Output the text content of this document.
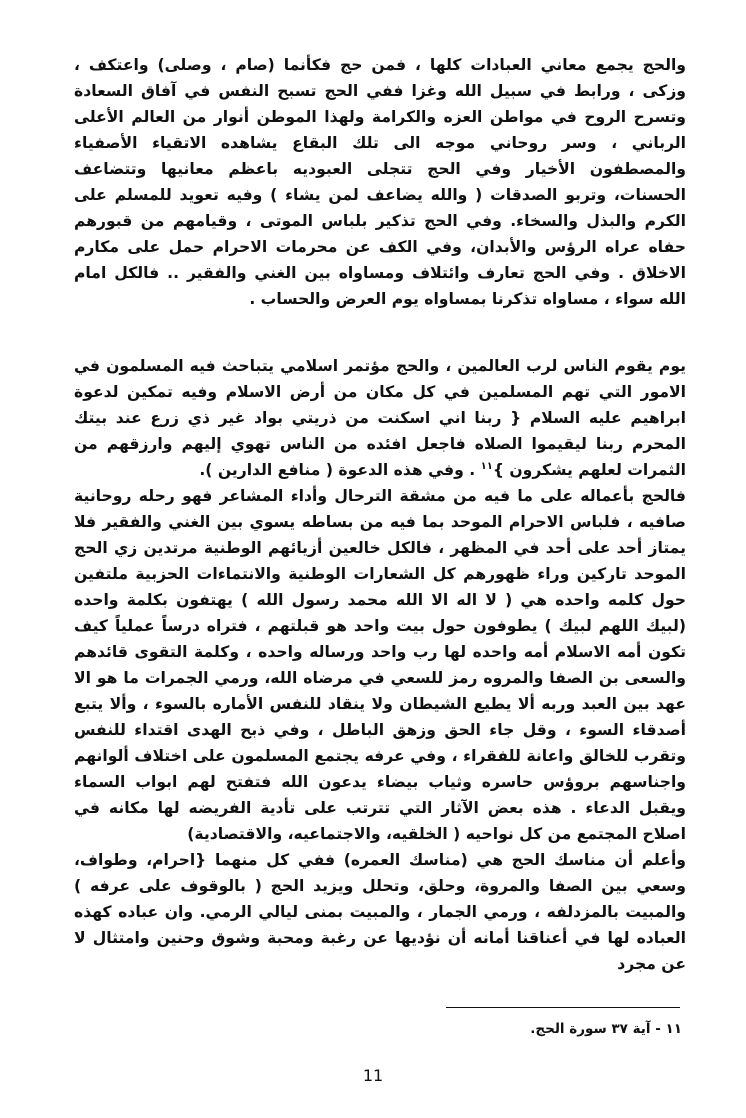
والحج يجمع معاني العبادات كلها ، فمن حج فكأنما (صام ، وصلى) واعتكف ، وزكى ، ورابط في سبيل الله وغزا ففي الحج تسبح النفس في آفاق السعادة وتسرح الروح في مواطن العزه والكرامة ولهذا الموطن أنوار من العالم الأعلى الرباني ، وسر روحاني موجه الى تلك البقاع يشاهده الاتقياء الأصفياء والمصطفون الأخيار وفي الحج تتجلى العبوديه باعظم معانيها وتتضاعف الحسنات، وتربو الصدقات ( والله يضاعف لمن يشاء ) وفيه تعويد للمسلم على الكرم والبذل والسخاء. وفي الحج تذكير بلباس الموتى ، وقيامهم من قبورهم حفاه عراه الرؤس والأبدان، وفي الكف عن محرمات الاحرام حمل على مكارم الاخلاق . وفي الحج تعارف وائتلاف ومساواه بين الغني والفقير .. فالكل امام الله سواء ، مساواه تذكرنا بمساواه يوم العرض والحساب .

يوم يقوم الناس لرب العالمين ، والحج مؤتمر اسلامي يتباحث فيه المسلمون في الامور التي تهم المسلمين في كل مكان من أرض الاسلام وفيه تمكين لدعوة ابراهيم عليه السلام { ربنا اني اسكنت من ذريتي بواد غير ذي زرع عند بيتك المحرم ربنا ليقيموا الصلاه فاجعل افئده من الناس تهوي إليهم وارزقهم من الثمرات لعلهم يشكرون }$^{١١}$ . وفي هذه الدعوة ( منافع الدارين ).

فالحج بأعماله على ما فيه من مشقة الترحال وأداء المشاعر فهو رحله روحانية صافيه ، فلباس الاحرام الموحد بما فيه من بساطه يسوي بين الغني والفقير فلا يمتاز أحد على أحد في المظهر ، فالكل خالعين أزيائهم الوطنية مرتدين زي الحج الموحد تاركين وراء ظهورهم كل الشعارات الوطنية والانتماءات الحزبية ملتفين حول كلمه واحده هي ( لا اله الا الله محمد رسول الله ) يهتفون بكلمة واحده (لبيك اللهم لبيك ) يطوفون حول بيت واحد هو قبلتهم ، فتراه درساً عملياً كيف تكون أمه الاسلام أمه واحده لها رب واحد ورساله واحده ، وكلمة التقوى قائدهم والسعى بن الصفا والمروه رمز للسعي في مرضاه الله، ورمي الجمرات ما هو الا عهد بين العبد وربه ألا يطيع الشيطان ولا ينقاد للنفس الأماره بالسوء ، وألا يتبع أصدقاء السوء ، وقل جاء الحق وزهق الباطل ، وفي ذبح الهدى اقتداء للنفس وتقرب للخالق واعانة للفقراء ، وفي عرفه يجتمع المسلمون على اختلاف ألوانهم واجناسهم بروؤس حاسره وثياب بيضاء يدعون الله فتفتح لهم ابواب السماء ويقبل الدعاء . هذه بعض الآثار التي تترتب على تأدية الفريضه لها مكانه في اصلاح المجتمع من كل نواحيه ( الخلقيه، والاجتماعيه، والاقتصادية)

وأعلم أن مناسك الحج هي (مناسك العمره) ففي كل منهما {احرام، وطواف، وسعي بين الصفا والمروة، وحلق، وتحلل ويزيد الحج ( بالوقوف على عرفه ) والمبيت بالمزدلفه ، ورمي الجمار ، والمبيت بمنى ليالي الرمي. وان عباده كهذه العباده لها في أعناقنا أمانه أن نؤديها عن رغبة ومحبة وشوق وحنين وامتثال لا عن مجرد

١١ - آية ٣٧ سورة الحج.
11
